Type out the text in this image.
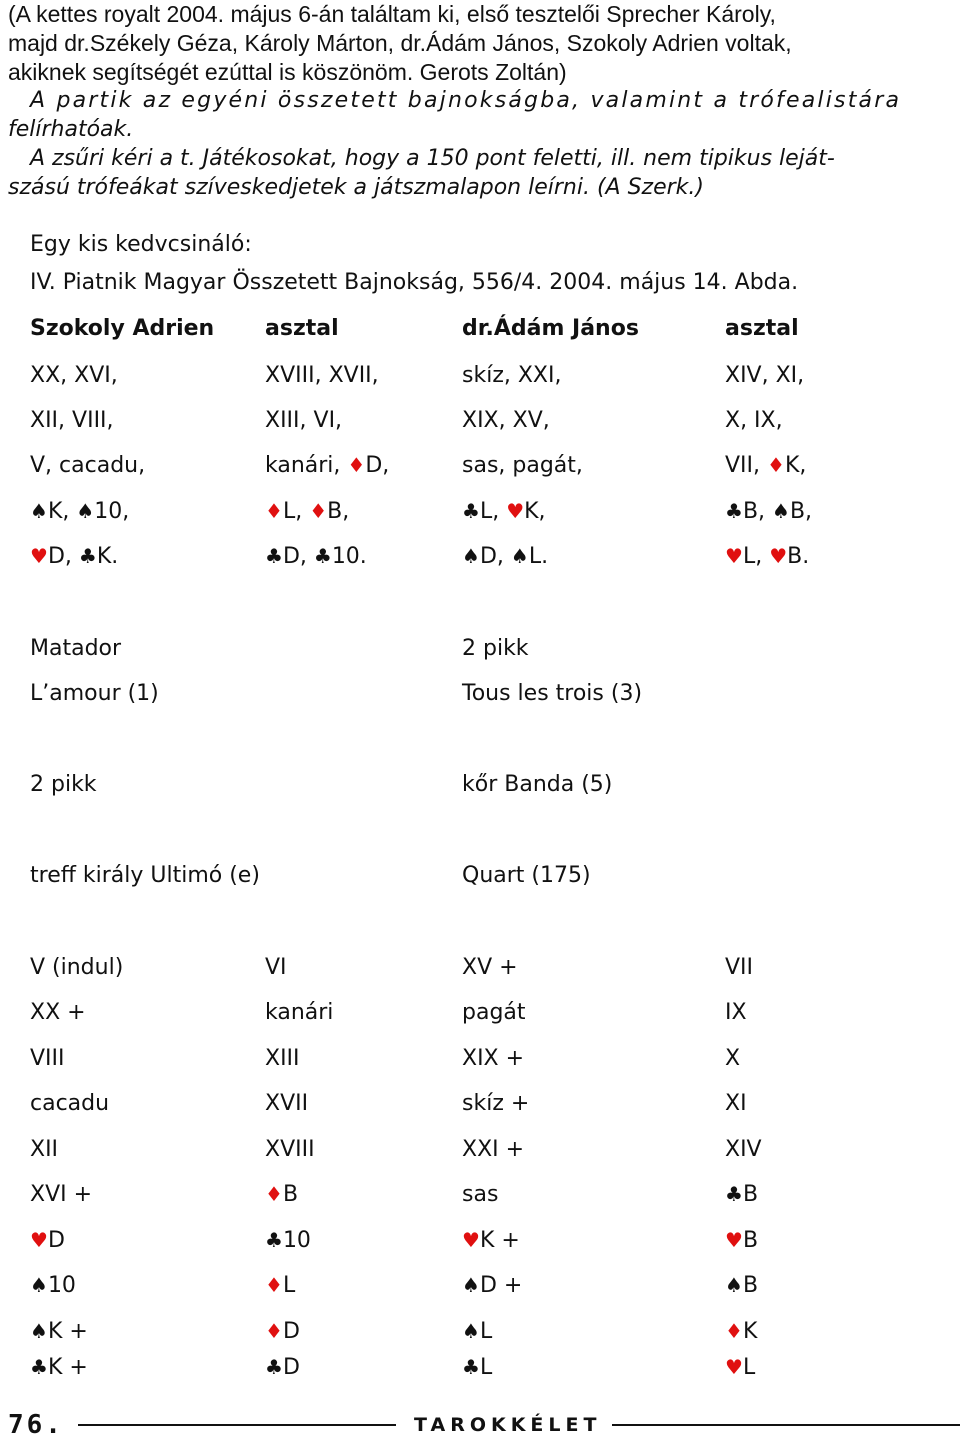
(A kettes royalt 2004. május 6-án találtam ki, első tesztelői Sprecher Károly,

majd dr.Székely Géza, Károly Márton, dr.Ádám János, Szokoly Adrien voltak,

akiknek segítségét ezúttal is köszönöm. Gerots Zoltán)

A partik az egyéni összetett bajnokságba, valamint a trófealistára

felírhatóak.

A zsűri kéri a t. Játékosokat, hogy a 150 pont feletti, ill. nem tipikus leját-

szású trófeákat szíveskedjetek a játszmalapon leírni. (A Szerk.)

Egy kis kedvcsináló:

IV. Piatnik Magyar Összetett Bajnokság, 556/4. 2004. május 14. Abda.

Szokoly Adrien asztal	dr.Ádám János	asztal

XX, XVI,	XVIII, XVII,	skíz, XXI,	XIV, XI,

XII, VIII,	XIII, VI,	XIX, XV,	X, IX,

V, cacadu,	kanári, ♦D,	sas, pagát,	VII, ♦K,

♠K, ♠10,	♦L, ♦B,	♣L, ♥K,	♣B, ♠B,

♥D, ♣K.	♣D, ♣10.	♠D, ♠L.	♥L, ♥B.

Matador	2 pikk

L’amour (1)	Tous les trois (3)

2 pikk	kőr Banda (5)

treff király Ultimó (e)	Quart (175)

V (indul)	VI	XV +	VII

XX +	kanári	pagát	IX

VIII	XIII	XIX +	X

cacadu	XVII	skíz +	XI

XII	XVIII	XXI +	XIV

XVI +	♦B	sas	♣B

♥D	♣10	♥K +	♥B

♠10	♦L	♠D +	♠B

♠K +	♦D	♠L	♦K

♣K +	♣D	♣L	♥L

76.	TAROKKÉLET
